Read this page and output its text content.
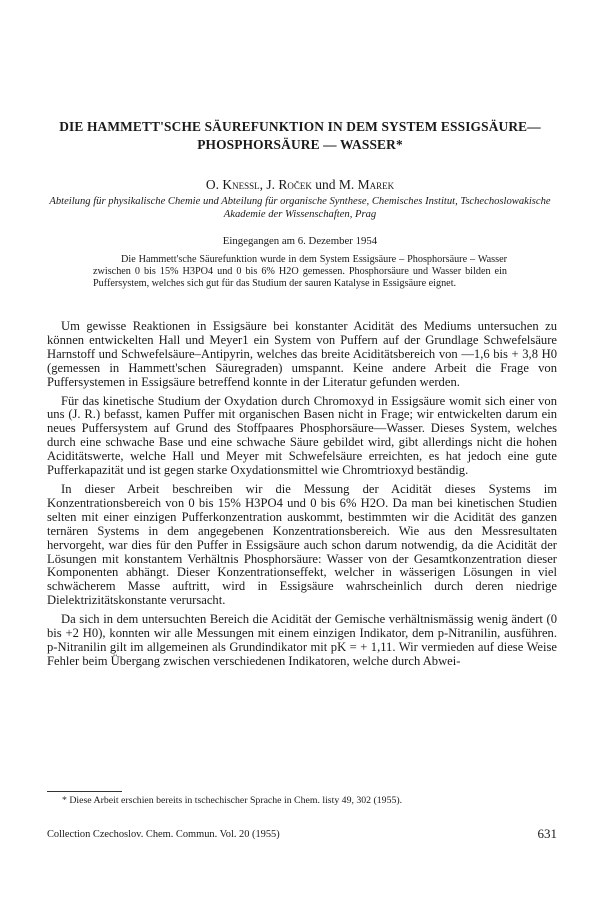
DIE HAMMETT'SCHE SÄUREFUNKTION IN DEM SYSTEM ESSIGSÄURE— PHOSPHORSÄURE — WASSER*
O. Knessl, J. Roček und M. Marek
Abteilung für physikalische Chemie und Abteilung für organische Synthese, Chemisches Institut, Tschechoslowakische Akademie der Wissenschaften, Prag
Eingegangen am 6. Dezember 1954
Die Hammett'sche Säurefunktion wurde in dem System Essigsäure – Phosphorsäure – Wasser zwischen 0 bis 15% H3PO4 und 0 bis 6% H2O gemessen. Phosphorsäure und Wasser bilden ein Puffersystem, welches sich gut für das Studium der sauren Katalyse in Essigsäure eignet.

Um gewisse Reaktionen in Essigsäure bei konstanter Acidität des Mediums untersuchen zu können entwickelten Hall und Meyer1 ein System von Puffern auf der Grundlage Schwefelsäure Harnstoff und Schwefelsäure–Antipyrin, welches das breite Aciditätsbereich von —1,6 bis + 3,8 H0 (gemessen in Hammett'schen Säuregraden) umspannt. Keine andere Arbeit die Frage von Puffersystemen in Essigsäure betreffend konnte in der Literatur gefunden werden.

Für das kinetische Studium der Oxydation durch Chromoxyd in Essigsäure womit sich einer von uns (J. R.) befasst, kamen Puffer mit organischen Basen nicht in Frage; wir entwickelten darum ein neues Puffersystem auf Grund des Stoffpaares Phosphorsäure—Wasser. Dieses System, welches durch eine schwache Base und eine schwache Säure gebildet wird, gibt allerdings nicht die hohen Aciditätswerte, welche Hall und Meyer mit Schwefelsäure erreichten, es hat jedoch eine gute Pufferkapazität und ist gegen starke Oxydationsmittel wie Chromtrioxyd beständig.

In dieser Arbeit beschreiben wir die Messung der Acidität dieses Systems im Konzentrationsbereich von 0 bis 15% H3PO4 und 0 bis 6% H2O. Da man bei kinetischen Studien selten mit einer einzigen Pufferkonzentration auskommt, bestimmten wir die Acidität des ganzen ternären Systems in dem angegebenen Konzentrationsbereich. Wie aus den Messresultaten hervorgeht, war dies für den Puffer in Essigsäure auch schon darum notwendig, da die Acidität der Lösungen mit konstantem Verhältnis Phosphorsäure: Wasser von der Gesamtkonzentration dieser Komponenten abhängt. Dieser Konzentrationseffekt, welcher in wässerigen Lösungen in viel schwächerem Masse auftritt, wird in Essigsäure wahrscheinlich durch deren niedrige Dielektrizitätskonstante verursacht.

Da sich in dem untersuchten Bereich die Acidität der Gemische verhältnismässig wenig ändert (0 bis +2 H0), konnten wir alle Messungen mit einem einzigen Indikator, dem p-Nitranilin, ausführen. p-Nitranilin gilt im allgemeinen als Grundindikator mit pK = + 1,11. Wir vermieden auf diese Weise Fehler beim Übergang zwischen verschiedenen Indikatoren, welche durch Abwei-

* Diese Arbeit erschien bereits in tschechischer Sprache in Chem. listy 49, 302 (1955).
Collection Czechoslov. Chem. Commun. Vol. 20 (1955)	631
